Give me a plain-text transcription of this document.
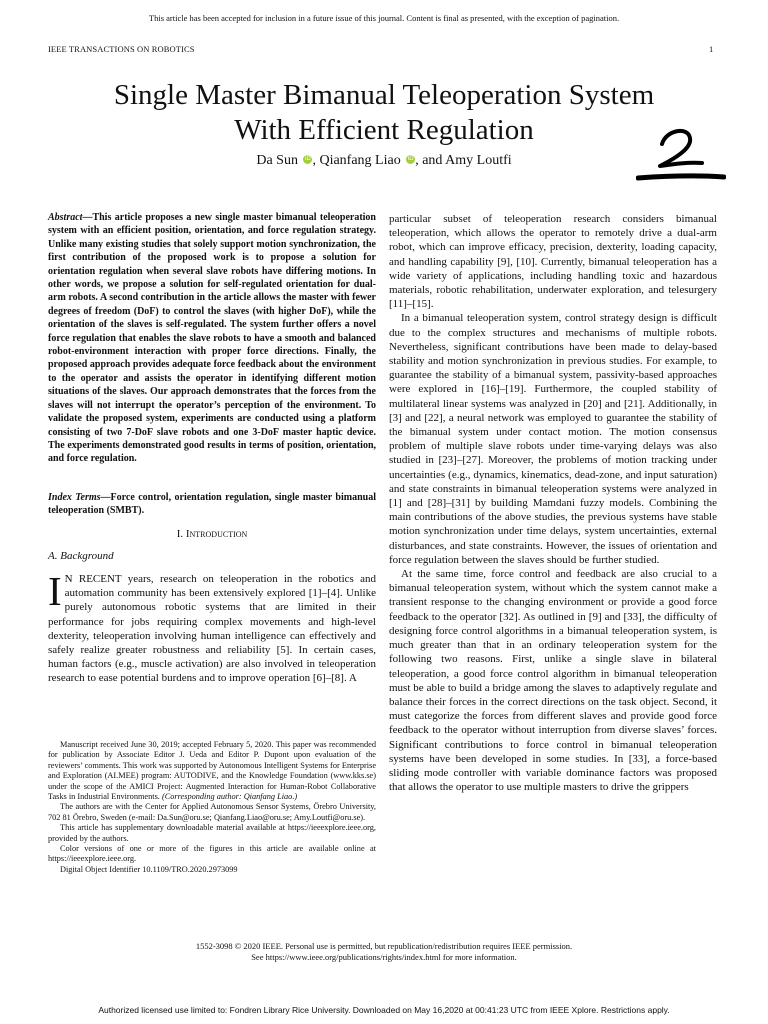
This article has been accepted for inclusion in a future issue of this journal. Content is final as presented, with the exception of pagination.
IEEE TRANSACTIONS ON ROBOTICS	1
Single Master Bimanual Teleoperation System
With Efficient Regulation
Da Sun iD , Qianfang Liao iD , and Amy Loutfi
Abstract—This article proposes a new single master bimanual teleoperation system with an efficient position, orientation, and force regulation strategy. Unlike many existing studies that solely support motion synchronization, the first contribution of the proposed work is to propose a solution for orientation regulation when several slave robots have differing motions. In other words, we propose a solution for self-regulated orientation for dual-arm robots. A second contribution in the article allows the master with fewer degrees of freedom (DoF) to control the slaves (with higher DoF), while the orientation of the slaves is self-regulated. The system further offers a novel force regulation that enables the slave robots to have a smooth and balanced robot-environment interaction with proper force directions. Finally, the proposed approach provides adequate force feedback about the environment to the operator and assists the operator in identifying different motion situations of the slaves. Our approach demonstrates that the forces from the slaves will not interrupt the operator’s perception of the environment. To validate the proposed system, experiments are conducted using a platform consisting of two 7-DoF slave robots and one 3-DoF master haptic device. The experiments demonstrated good results in terms of position, orientation, and force regulation.
Index Terms—Force control, orientation regulation, single master bimanual teleoperation (SMBT).
I. Introduction
A. Background
I N RECENT years, research on teleoperation in the robotics and automation community has been extensively explored [1]–[4]. Unlike purely autonomous robotic systems that are limited in their performance for jobs requiring complex movements and high-level dexterity, teleoperation involving human intelligence can effectively and safely realize greater robustness and reliability [5]. In certain cases, human factors (e.g., muscle activation) are also involved in teleoperation research to ease potential burdens and to improve operation [6]–[8]. A

Manuscript received June 30, 2019; accepted February 5, 2020. This paper was recommended for publication by Associate Editor J. Ueda and Editor P. Dupont upon evaluation of the reviewers’ comments. This work was supported by Autonomous Intelligent Systems for Enterprise and Exploration (AI.MEE) program: AUTODIVE, and the Knowledge Foundation (www.kks.se) under the scope of the AMICI Project: Augmented Interaction for Human-Robot Collaborative Tasks in Industrial Environments. (Corresponding author: Qianfang Liao.)

The authors are with the Center for Applied Autonomous Sensor Systems, Örebro University, 702 81 Örebro, Sweden (e-mail: Da.Sun@oru.se; Qianfang.Liao@oru.se; Amy.Loutfi@oru.se).

This article has supplementary downloadable material available at https://ieeexplore.ieee.org, provided by the authors.

Color versions of one or more of the figures in this article are available online at https://ieeexplore.ieee.org.

Digital Object Identifier 10.1109/TRO.2020.2973099

particular subset of teleoperation research considers bimanual teleoperation, which allows the operator to remotely drive a dual-arm robot, which can improve efficacy, precision, dexterity, loading capacity, and handling capability [9], [10]. Currently, bimanual teleoperation has a wide variety of applications, including handling toxic and hazardous materials, robotic rehabilitation, underwater exploration, and telesurgery [11]–[15].

In a bimanual teleoperation system, control strategy design is difficult due to the complex structures and mechanisms of multiple robots. Nevertheless, significant contributions have been made to delay-based stability and motion synchronization in previous studies. For example, to guarantee the stability of a bimanual system, passivity-based approaches were explored in [16]–[19]. Furthermore, the coupled stability of multilateral linear systems was analyzed in [20] and [21]. Additionally, in [3] and [22], a neural network was employed to guarantee the stability of the bimanual system under contact motion. The motion consensus problem of multiple slave robots under time-varying delays was also studied in [23]–[27]. Moreover, the problems of motion tracking under uncertainties (e.g., dynamics, kinematics, dead-zone, and input saturation) and state constraints in bimanual teleoperation systems were analyzed in [1] and [28]–[31] by building Mamdani fuzzy models. Combining the main contributions of the above studies, the previous systems have stable motion synchronization under time delays, system uncertainties, external disturbances, and state constraints. However, the issues of orientation and force regulation between the slaves should be further studied.

At the same time, force control and feedback are also crucial to a bimanual teleoperation system, without which the system cannot make a transient response to the changing environment or provide a good force feedback to the operator [32]. As outlined in [9] and [33], the difficulty of designing force control algorithms in a bimanual teleoperation system, is much greater than that in an ordinary teleoperation system for the following two reasons. First, unlike a single slave in bilateral teleoperation, a good force control algorithm in bimanual teleoperation must be able to build a bridge among the slaves to adaptively regulate and balance their forces in the correct directions on the task object. Second, it must categorize the forces from different slaves and provide good force feedback to the operator without interruption from diverse slaves’ forces. Significant contributions to force control in bimanual teleoperation systems have been developed in some studies. In [33], a force-based sliding mode controller with variable dominance factors was proposed that allows the operator to use multiple masters to drive the grippers

1552-3098 © 2020 IEEE. Personal use is permitted, but republication/redistribution requires IEEE permission.
See https://www.ieee.org/publications/rights/index.html for more information.
Authorized licensed use limited to: Fondren Library Rice University. Downloaded on May 16,2020 at 00:41:23 UTC from IEEE Xplore. Restrictions apply.
